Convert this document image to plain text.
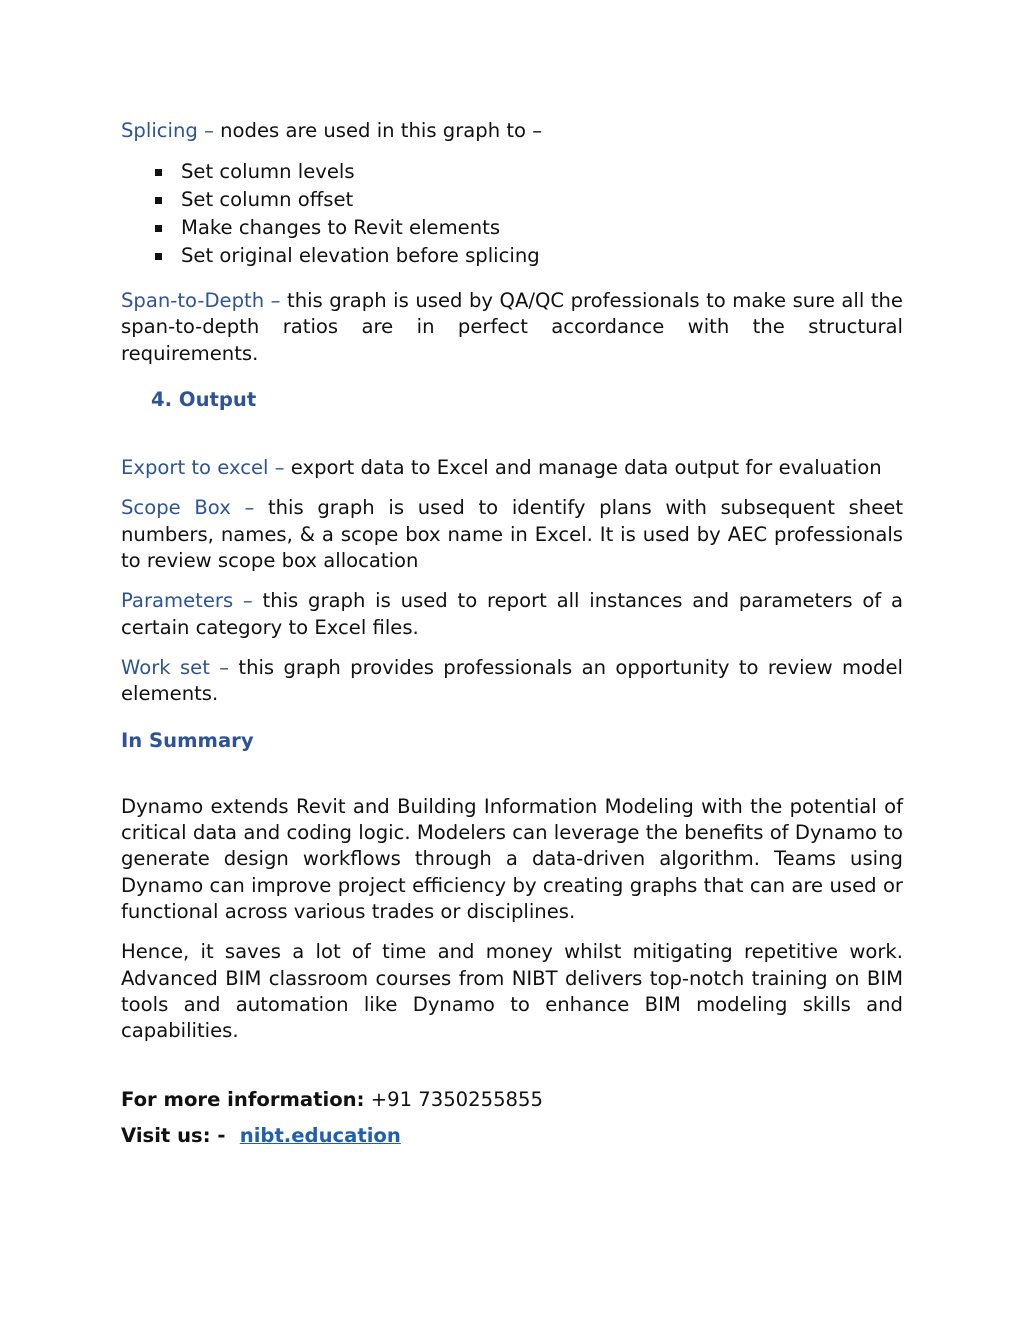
Splicing – nodes are used in this graph to –

Set column levels
Set column offset
Make changes to Revit elements
Set original elevation before splicing

Span-to-Depth – this graph is used by QA/QC professionals to make sure all the span-to-depth ratios are in perfect accordance with the structural requirements.

4. Output

Export to excel – export data to Excel and manage data output for evaluation

Scope Box – this graph is used to identify plans with subsequent sheet numbers, names, & a scope box name in Excel. It is used by AEC professionals to review scope box allocation

Parameters – this graph is used to report all instances and parameters of a certain category to Excel files.

Work set – this graph provides professionals an opportunity to review model elements.

In Summary

Dynamo extends Revit and Building Information Modeling with the potential of critical data and coding logic. Modelers can leverage the benefits of Dynamo to generate design workflows through a data-driven algorithm. Teams using Dynamo can improve project efficiency by creating graphs that can are used or functional across various trades or disciplines.

Hence, it saves a lot of time and money whilst mitigating repetitive work. Advanced BIM classroom courses from NIBT delivers top-notch training on BIM tools and automation like Dynamo to enhance BIM modeling skills and capabilities.

For more information: +91 7350255855

Visit us: - nibt.education
